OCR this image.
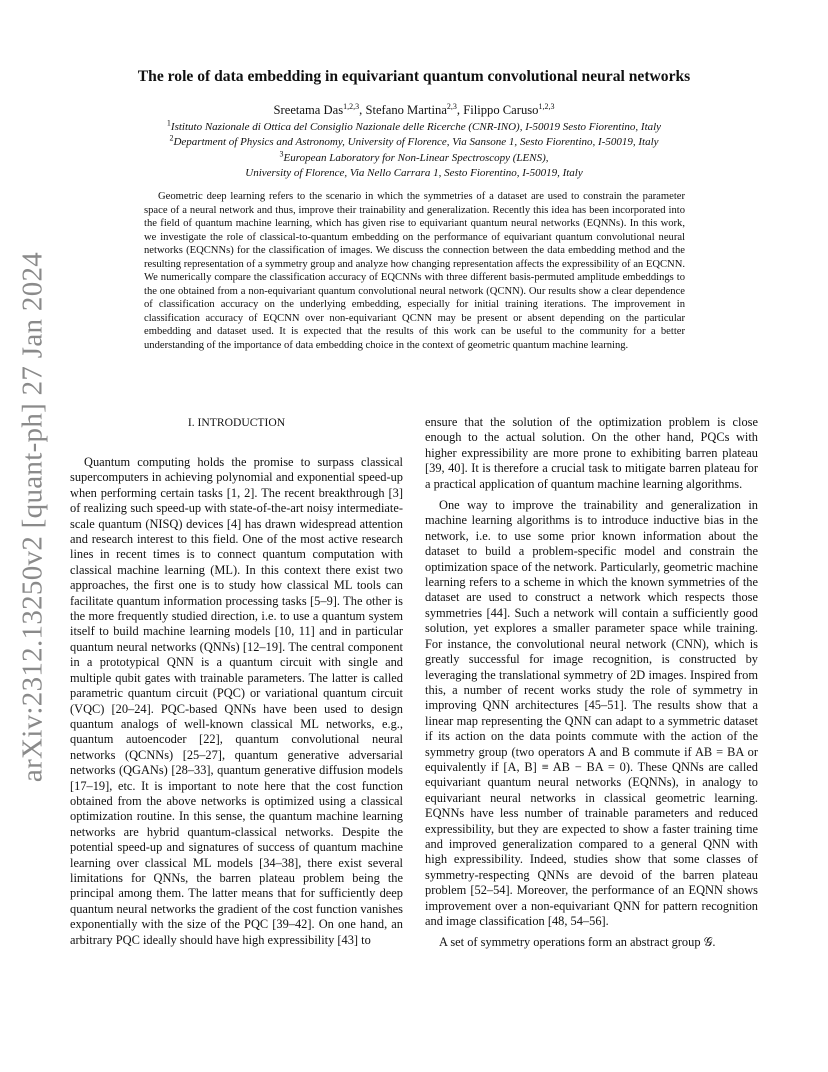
arXiv:2312.13250v2 [quant-ph] 27 Jan 2024
The role of data embedding in equivariant quantum convolutional neural networks
Sreetama Das$^{1,2,3}$, Stefano Martina$^{2,3}$, Filippo Caruso$^{1,2,3}$
$^1$Istituto Nazionale di Ottica del Consiglio Nazionale delle Ricerche (CNR-INO), I-50019 Sesto Fiorentino, Italy
$^2$Department of Physics and Astronomy, University of Florence, Via Sansone 1, Sesto Fiorentino, I-50019, Italy
$^3$European Laboratory for Non-Linear Spectroscopy (LENS),
University of Florence, Via Nello Carrara 1, Sesto Fiorentino, I-50019, Italy

Geometric deep learning refers to the scenario in which the symmetries of a dataset are used to constrain the parameter space of a neural network and thus, improve their trainability and generalization. Recently this idea has been incorporated into the field of quantum machine learning, which has given rise to equivariant quantum neural networks (EQNNs). In this work, we investigate the role of classical-to-quantum embedding on the performance of equivariant quantum convolutional neural networks (EQCNNs) for the classification of images. We discuss the connection between the data embedding method and the resulting representation of a symmetry group and analyze how changing representation affects the expressibility of an EQCNN. We numerically compare the classification accuracy of EQCNNs with three different basis-permuted amplitude embeddings to the one obtained from a non-equivariant quantum convolutional neural network (QCNN). Our results show a clear dependence of classification accuracy on the underlying embedding, especially for initial training iterations. The improvement in classification accuracy of EQCNN over non-equivariant QCNN may be present or absent depending on the particular embedding and dataset used. It is expected that the results of this work can be useful to the community for a better understanding of the importance of data embedding choice in the context of geometric quantum machine learning.

I. INTRODUCTION

Quantum computing holds the promise to surpass classical supercomputers in achieving polynomial and exponential speed-up when performing certain tasks [1, 2]. The recent breakthrough [3] of realizing such speed-up with state-of-the-art noisy intermediate-scale quantum (NISQ) devices [4] has drawn widespread attention and research interest to this field. One of the most active research lines in recent times is to connect quantum computation with classical machine learning (ML). In this context there exist two approaches, the first one is to study how classical ML tools can facilitate quantum information processing tasks [5–9]. The other is the more frequently studied direction, i.e. to use a quantum system itself to build machine learning models [10, 11] and in particular quantum neural networks (QNNs) [12–19]. The central component in a prototypical QNN is a quantum circuit with single and multiple qubit gates with trainable parameters. The latter is called parametric quantum circuit (PQC) or variational quantum circuit (VQC) [20–24]. PQC-based QNNs have been used to design quantum analogs of well-known classical ML networks, e.g., quantum autoencoder [22], quantum convolutional neural networks (QCNNs) [25–27], quantum generative adversarial networks (QGANs) [28–33], quantum generative diffusion models [17–19], etc. It is important to note here that the cost function obtained from the above networks is optimized using a classical optimization routine. In this sense, the quantum machine learning networks are hybrid quantum-classical networks. Despite the potential speed-up and signatures of success of quantum machine learning over classical ML models [34–38], there exist several limitations for QNNs, the barren plateau problem being the principal among them. The latter means that for sufficiently deep quantum neural networks the gradient of the cost function vanishes exponentially with the size of the PQC [39–42]. On one hand, an arbitrary PQC ideally should have high expressibility [43] to

ensure that the solution of the optimization problem is close enough to the actual solution. On the other hand, PQCs with higher expressibility are more prone to exhibiting barren plateau [39, 40]. It is therefore a crucial task to mitigate barren plateau for a practical application of quantum machine learning algorithms.

One way to improve the trainability and generalization in machine learning algorithms is to introduce inductive bias in the network, i.e. to use some prior known information about the dataset to build a problem-specific model and constrain the optimization space of the network. Particularly, geometric machine learning refers to a scheme in which the known symmetries of the dataset are used to construct a network which respects those symmetries [44]. Such a network will contain a sufficiently good solution, yet explores a smaller parameter space while training. For instance, the convolutional neural network (CNN), which is greatly successful for image recognition, is constructed by leveraging the translational symmetry of 2D images. Inspired from this, a number of recent works study the role of symmetry in improving QNN architectures [45–51]. The results show that a linear map representing the QNN can adapt to a symmetric dataset if its action on the data points commute with the action of the symmetry group (two operators A and B commute if AB = BA or equivalently if [A, B] ≡ AB − BA = 0). These QNNs are called equivariant quantum neural networks (EQNNs), in analogy to equivariant neural networks in classical geometric learning. EQNNs have less number of trainable parameters and reduced expressibility, but they are expected to show a faster training time and improved generalization compared to a general QNN with high expressibility. Indeed, studies show that some classes of symmetry-respecting QNNs are devoid of the barren plateau problem [52–54]. Moreover, the performance of an EQNN shows improvement over a non-equivariant QNN for pattern recognition and image classification [48, 54–56].

A set of symmetry operations form an abstract group 𝒢.
